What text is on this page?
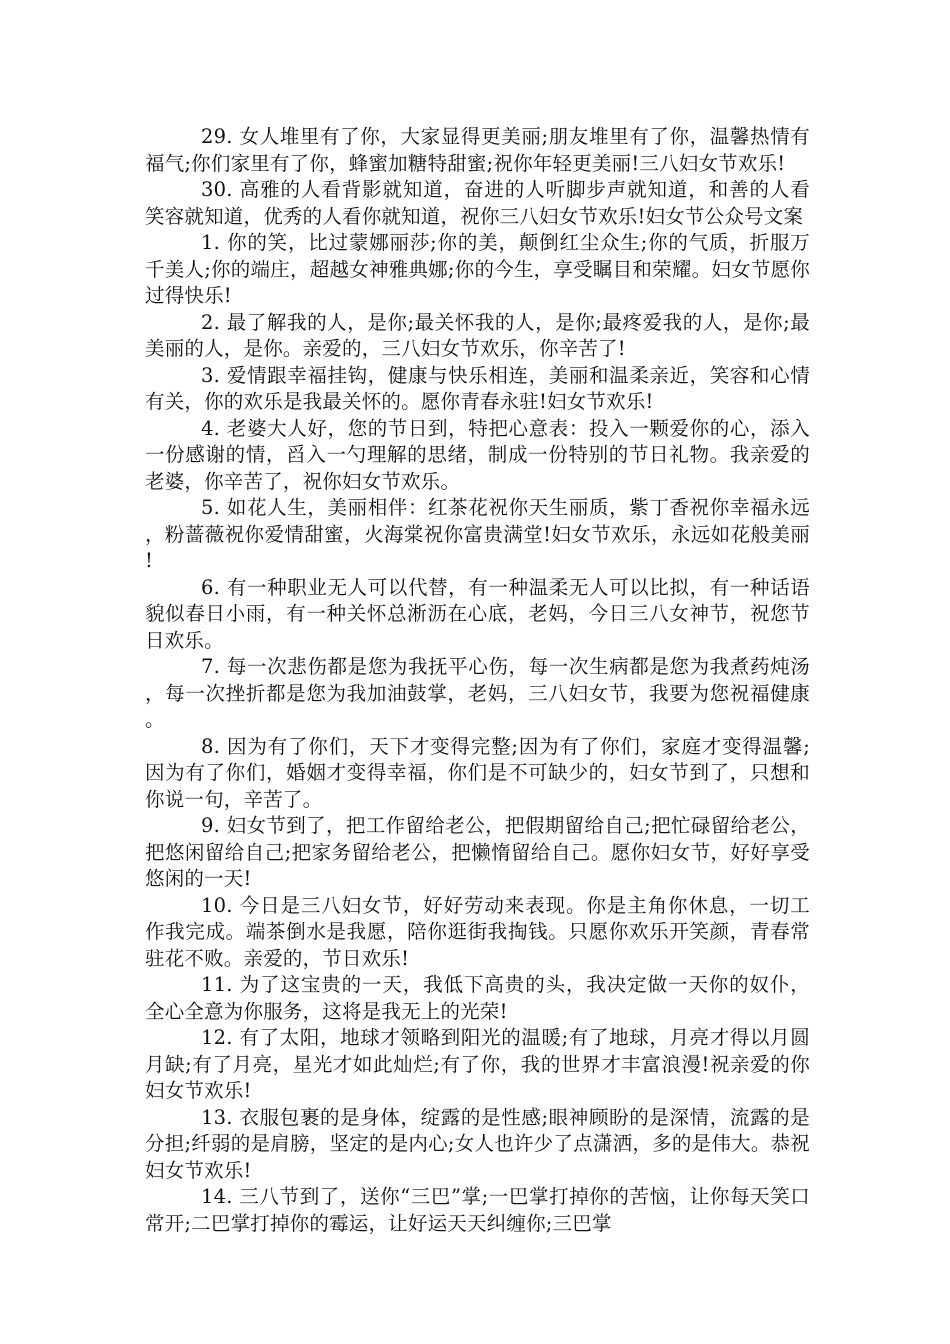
29. 女人堆里有了你，大家显得更美丽;朋友堆里有了你，温馨热情有福气;你们家里有了你，蜂蜜加糖特甜蜜;祝你年轻更美丽!三八妇女节欢乐!

30. 高雅的人看背影就知道，奋进的人听脚步声就知道，和善的人看笑容就知道，优秀的人看你就知道，祝你三八妇女节欢乐!妇女节公众号文案

1. 你的笑，比过蒙娜丽莎;你的美，颠倒红尘众生;你的气质，折服万千美人;你的端庄，超越女神雅典娜;你的今生，享受瞩目和荣耀。妇女节愿你过得快乐!

2. 最了解我的人，是你;最关怀我的人，是你;最疼爱我的人，是你;最美丽的人，是你。亲爱的，三八妇女节欢乐，你辛苦了!

3. 爱情跟幸福挂钩，健康与快乐相连，美丽和温柔亲近，笑容和心情有关，你的欢乐是我最关怀的。愿你青春永驻!妇女节欢乐!

4. 老婆大人好，您的节日到，特把心意表：投入一颗爱你的心，添入一份感谢的情，舀入一勺理解的思绪，制成一份特别的节日礼物。我亲爱的老婆，你辛苦了，祝你妇女节欢乐。

5. 如花人生，美丽相伴：红茶花祝你天生丽质，紫丁香祝你幸福永远，粉蔷薇祝你爱情甜蜜，火海棠祝你富贵满堂!妇女节欢乐，永远如花般美丽!

6. 有一种职业无人可以代替，有一种温柔无人可以比拟，有一种话语貌似春日小雨，有一种关怀总淅沥在心底，老妈，今日三八女神节，祝您节日欢乐。

7. 每一次悲伤都是您为我抚平心伤，每一次生病都是您为我煮药炖汤，每一次挫折都是您为我加油鼓掌，老妈，三八妇女节，我要为您祝福健康。

8. 因为有了你们，天下才变得完整;因为有了你们，家庭才变得温馨;因为有了你们，婚姻才变得幸福，你们是不可缺少的，妇女节到了，只想和你说一句，辛苦了。

9. 妇女节到了，把工作留给老公，把假期留给自己;把忙碌留给老公，把悠闲留给自己;把家务留给老公，把懒惰留给自己。愿你妇女节，好好享受悠闲的一天!

10. 今日是三八妇女节，好好劳动来表现。你是主角你休息，一切工作我完成。端茶倒水是我愿，陪你逛街我掏钱。只愿你欢乐开笑颜，青春常驻花不败。亲爱的，节日欢乐!

11. 为了这宝贵的一天，我低下高贵的头，我决定做一天你的奴仆，全心全意为你服务，这将是我无上的光荣!

12. 有了太阳，地球才领略到阳光的温暖;有了地球，月亮才得以月圆月缺;有了月亮，星光才如此灿烂;有了你，我的世界才丰富浪漫!祝亲爱的你妇女节欢乐!

13. 衣服包裹的是身体，绽露的是性感;眼神顾盼的是深情，流露的是分担;纤弱的是肩膀，坚定的是内心;女人也许少了点潇洒，多的是伟大。恭祝妇女节欢乐!

14. 三八节到了，送你“三巴”掌;一巴掌打掉你的苦恼，让你每天笑口常开;二巴掌打掉你的霉运，让好运天天纠缠你;三巴掌
